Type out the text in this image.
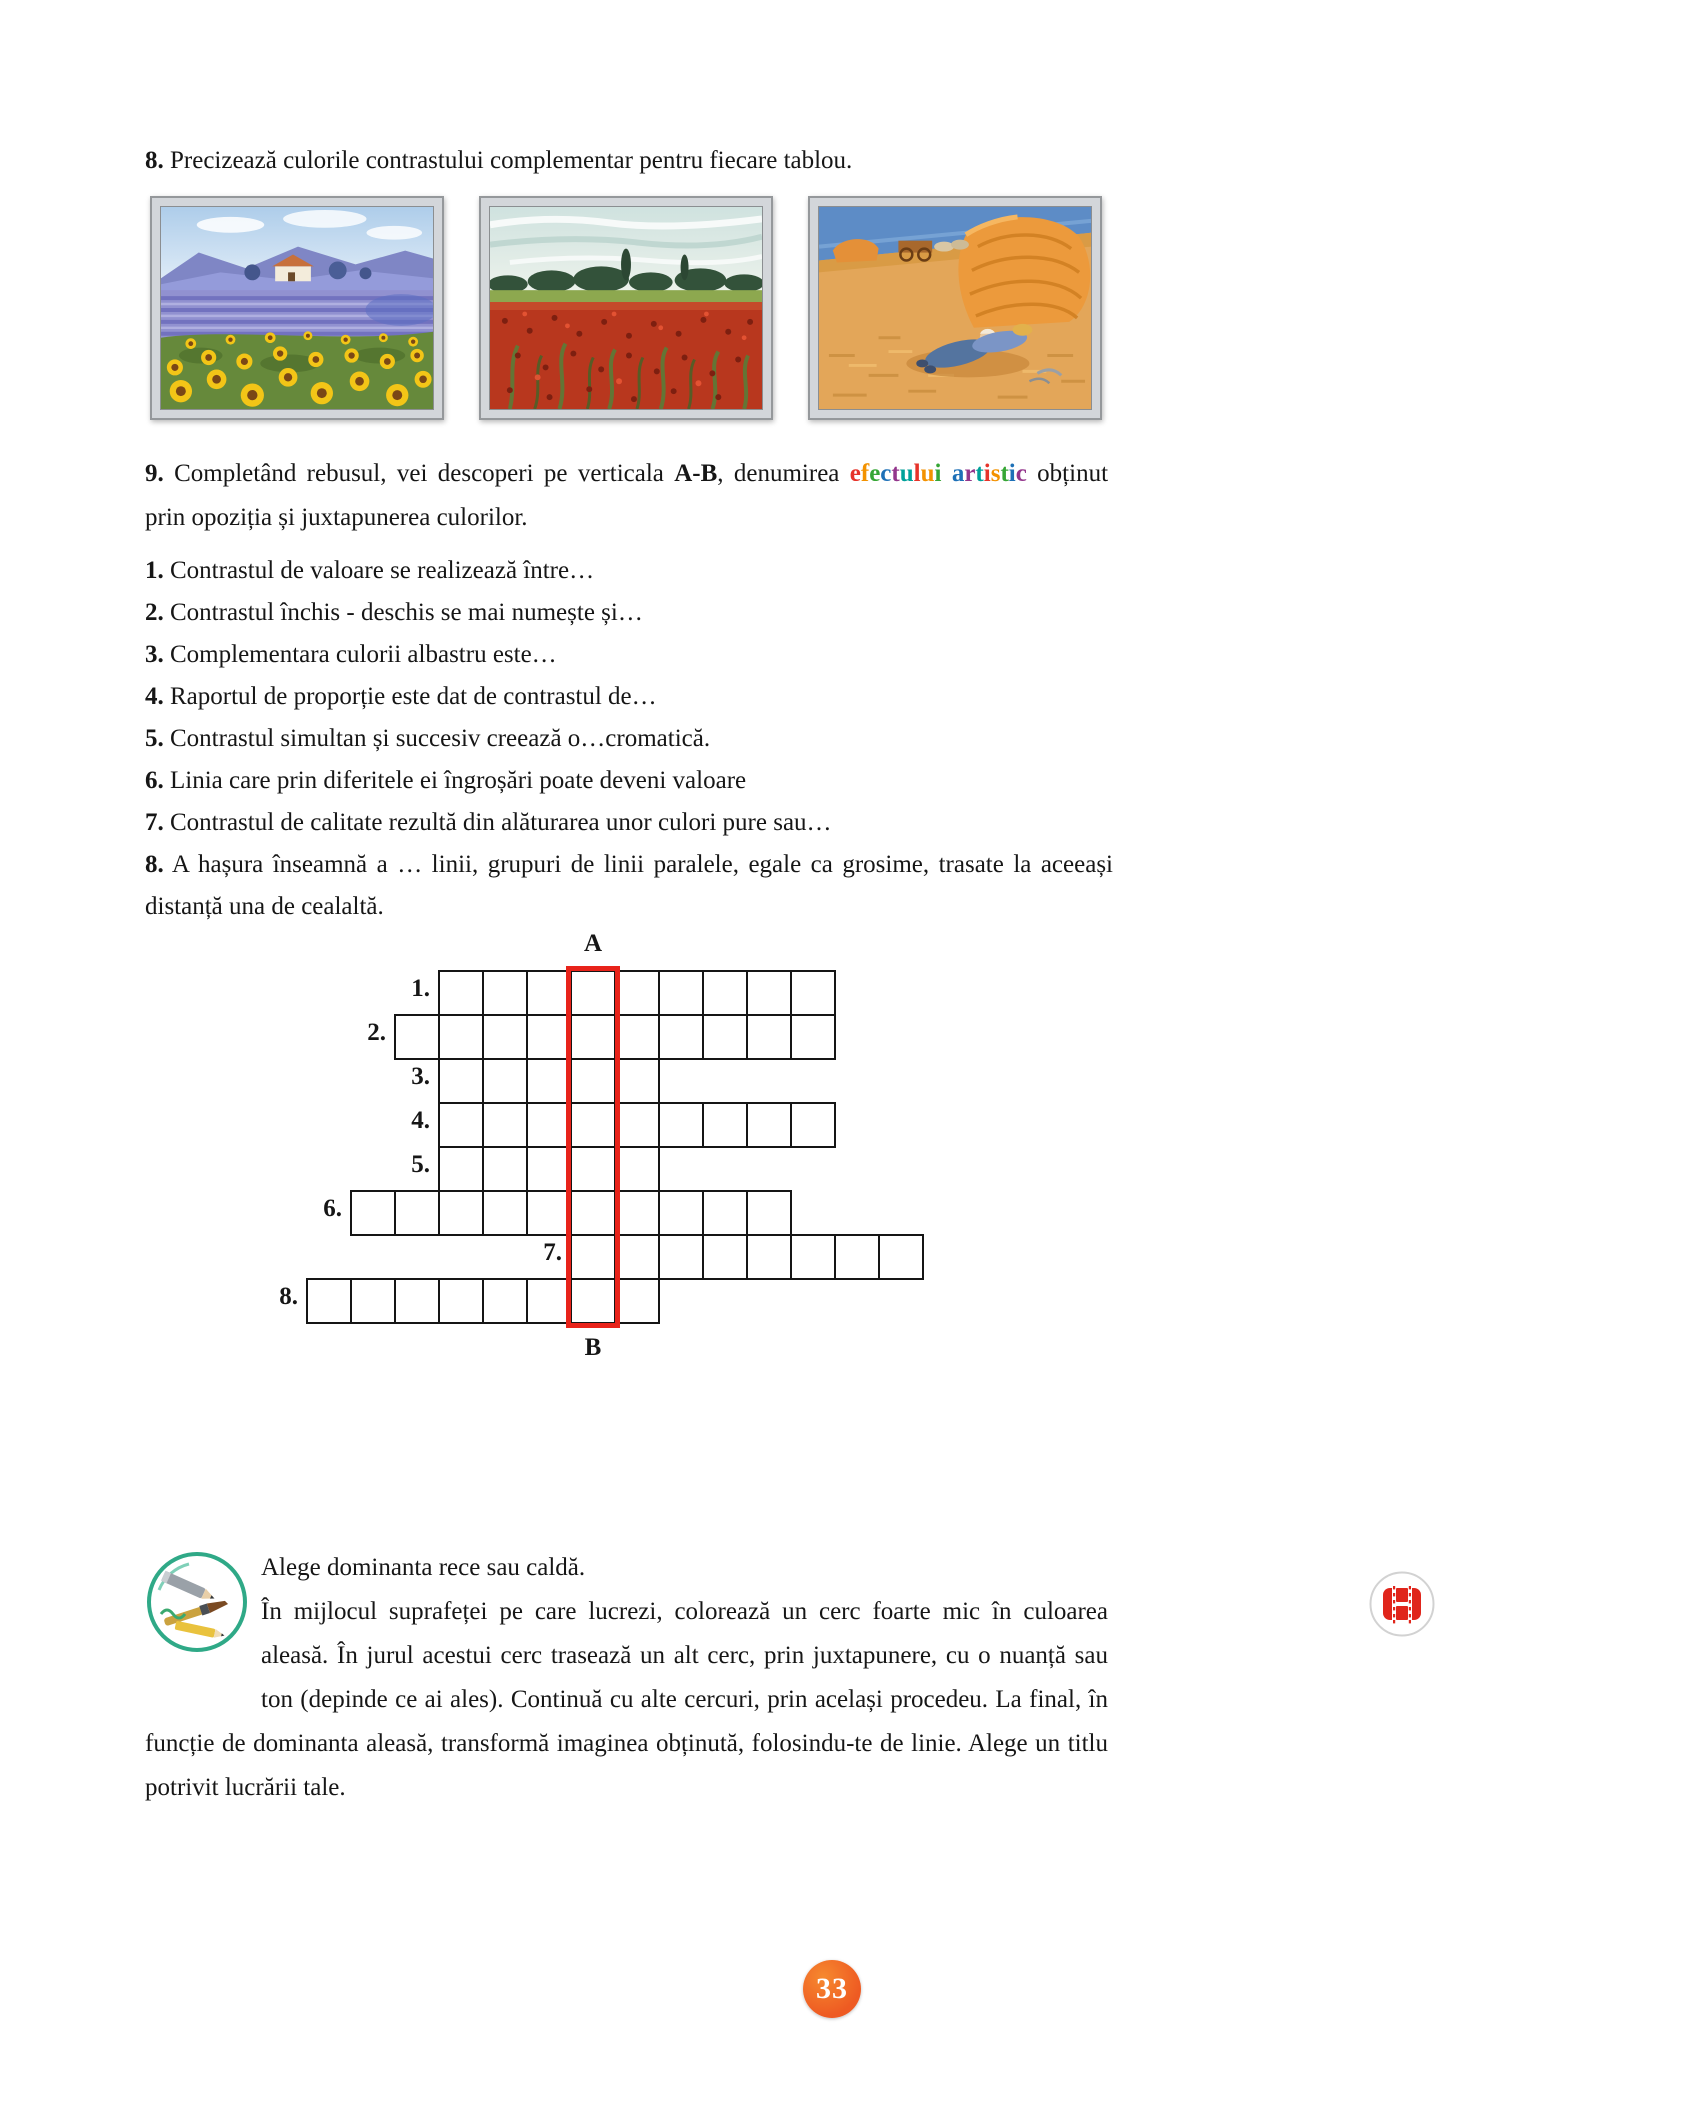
8. Precizează culorile contrastului complementar pentru fiecare tablou.

9. Completând rebusul, vei descoperi pe verticala A-B, denumirea efectului artistic obținut prin opoziția și juxtapunerea culorilor.

1. Contrastul de valoare se realizează între…
2. Contrastul închis - deschis se mai numește și…
3. Complementara culorii albastru este…
4. Raportul de proporție este dat de contrastul de…
5. Contrastul simultan și succesiv creează o…cromatică.
6. Linia care prin diferitele ei îngroșări poate deveni valoare
7. Contrastul de calitate rezultă din alăturarea unor culori pure sau…
8. A hașura înseamnă a … linii, grupuri de linii paralele, egale ca grosime, trasate la aceeași distanță una de cealaltă.
1.
2.
3.
4.
5.
6.
7.
8.
A
B

Alege dominanta rece sau caldă.

În mijlocul suprafeței pe care lucrezi, colorează un cerc foarte mic în culoarea aleasă. În jurul acestui cerc trasează un alt cerc, prin juxtapunere, cu o nuanță sau ton (depinde ce ai ales). Continuă cu alte cercuri, prin același procedeu. La final, în funcție de dominanta aleasă, transformă imaginea obținută, folosindu-te de linie. Alege un titlu potrivit lucrării tale.

33
